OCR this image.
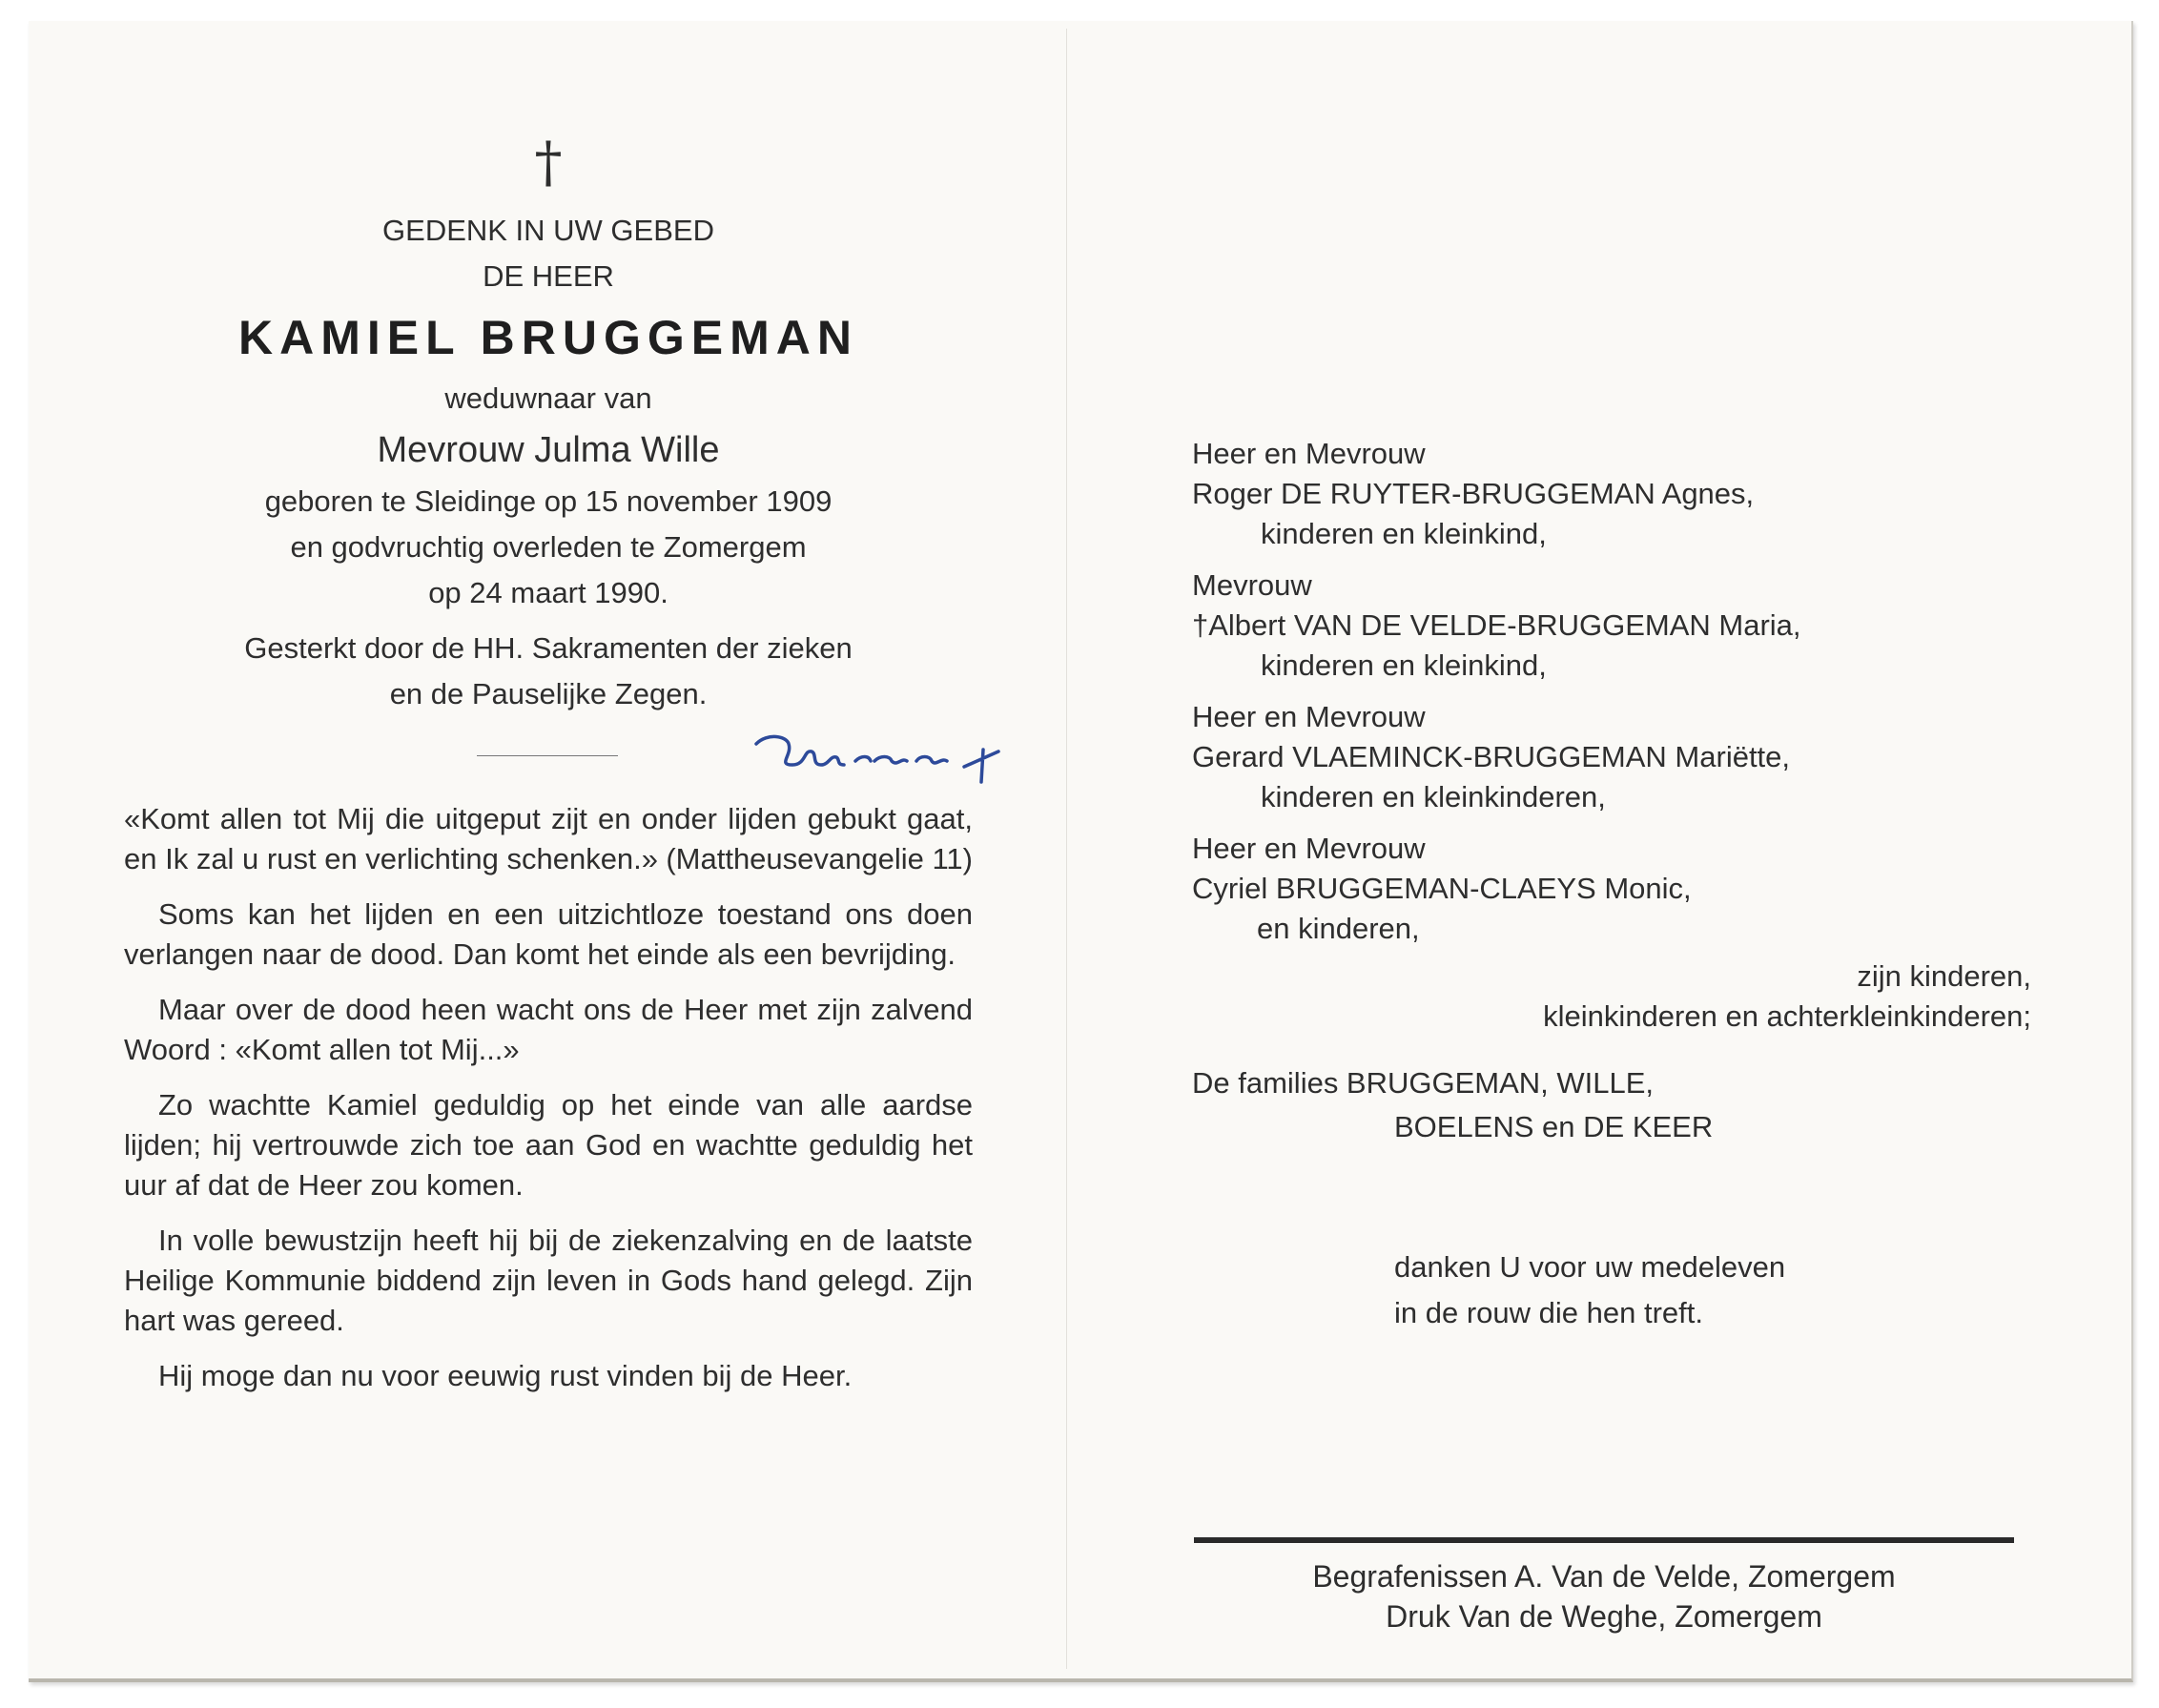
†
GEDENK IN UW GEBED
DE HEER
KAMIEL BRUGGEMAN
weduwnaar van
Mevrouw Julma Wille
geboren te Sleidinge op 15 november 1909
en godvruchtig overleden te Zomergem
op 24 maart 1990.
Gesterkt door de HH. Sakramenten der zieken
en de Pauselijke Zegen.

«Komt allen tot Mij die uitgeput zijt en onder lijden gebukt gaat, en Ik zal u rust en verlichting schenken.» (Mattheusevangelie 11)

Soms kan het lijden en een uitzichtloze toestand ons doen verlangen naar de dood. Dan komt het einde als een bevrijding.

Maar over de dood heen wacht ons de Heer met zijn zalvend Woord : «Komt allen tot Mij...»

Zo wachtte Kamiel geduldig op het einde van alle aardse lijden; hij vertrouwde zich toe aan God en wachtte geduldig het uur af dat de Heer zou komen.

In volle bewustzijn heeft hij bij de ziekenzalving en de laatste Heilige Kommunie biddend zijn leven in Gods hand gelegd. Zijn hart was gereed.

Hij moge dan nu voor eeuwig rust vinden bij de Heer.

Heer en Mevrouw
Roger DE RUYTER-BRUGGEMAN Agnes,
kinderen en kleinkind,
Mevrouw
†Albert VAN DE VELDE-BRUGGEMAN Maria,
kinderen en kleinkind,
Heer en Mevrouw
Gerard VLAEMINCK-BRUGGEMAN Mariëtte,
kinderen en kleinkinderen,
Heer en Mevrouw
Cyriel BRUGGEMAN-CLAEYS Monic,
en kinderen,
zijn kinderen,
kleinkinderen en achterkleinkinderen;
De families BRUGGEMAN, WILLE,
BOELENS en DE KEER
danken U voor uw medeleven
in de rouw die hen treft.
Begrafenissen A. Van de Velde, Zomergem
Druk Van de Weghe, Zomergem
